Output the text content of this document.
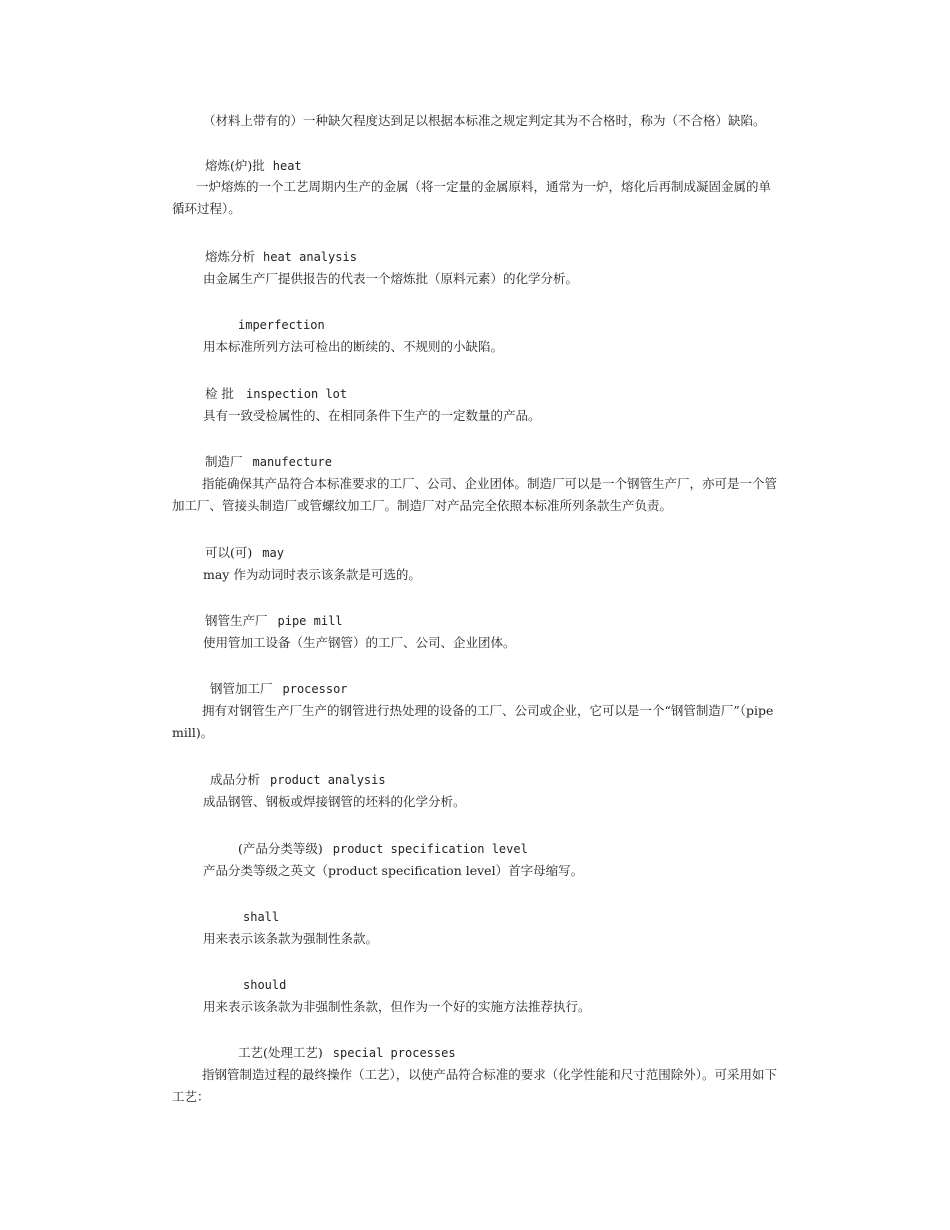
（材料上带有的）一种缺欠程度达到足以根据本标准之规定判定其为不合格时，称为（不合格）缺陷。
熔炼(炉)批 heat
一炉熔炼的一个工艺周期内生产的金属（将一定量的金属原料，通常为一炉，熔化后再制成凝固金属的单循环过程）。
熔炼分析 heat analysis
由金属生产厂提供报告的代表一个熔炼批（原料元素）的化学分析。
imperfection
用本标准所列方法可检出的断续的、不规则的小缺陷。
检 批 inspection lot
具有一致受检属性的、在相同条件下生产的一定数量的产品。
制造厂 manufecture
指能确保其产品符合本标准要求的工厂、公司、企业团体。制造厂可以是一个钢管生产厂，亦可是一个管加工厂、管接头制造厂或管螺纹加工厂。制造厂对产品完全依照本标准所列条款生产负责。
可以(可) may
may 作为动词时表示该条款是可选的。
钢管生产厂 pipe mill
使用管加工设备（生产钢管）的工厂、公司、企业团体。
钢管加工厂 processor
拥有对钢管生产厂生产的钢管进行热处理的设备的工厂、公司或企业，它可以是一个“钢管制造厂”（pipe mill)。
成品分析 product analysis
成品钢管、钢板或焊接钢管的坯料的化学分析。
(产品分类等级) product specification level
产品分类等级之英文（product specification level）首字母缩写。
shall
用来表示该条款为强制性条款。
should
用来表示该条款为非强制性条款，但作为一个好的实施方法推荐执行。
工艺(处理工艺) special processes
指钢管制造过程的最终操作（工艺），以使产品符合标准的要求（化学性能和尺寸范围除外）。可采用如下工艺：
